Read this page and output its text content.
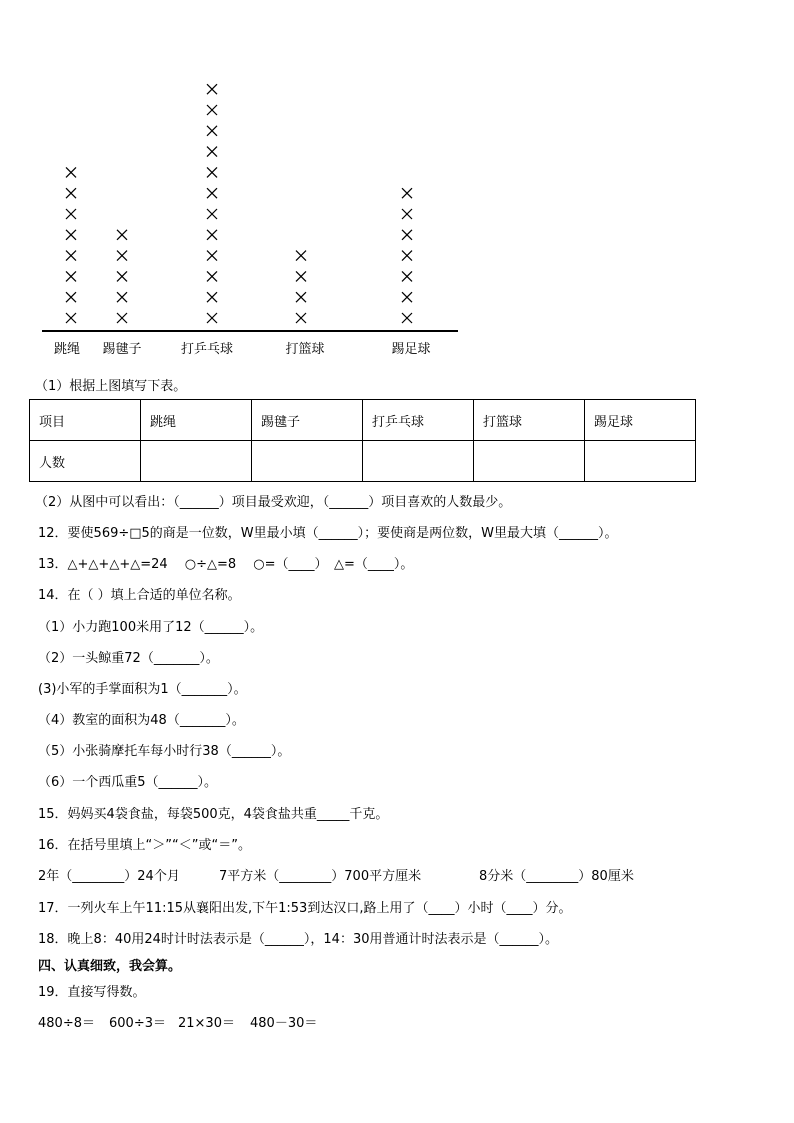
跳绳 踢毽子	打乒乓球	打篮球	踢足球
（1）根据上图填写下表。
项目	跳绳	踢毽子	打乒乓球	打篮球	踢足球
人数					
（2）从图中可以看出：（______）项目最受欢迎，（______）项目喜欢的人数最少。
12．要使569÷□5的商是一位数，W里最小填（______）；要使商是两位数，W里最大填（______）。
13．△+△+△+△=24　 ○÷△=8　 ○=（____）　△=（____）。
14．在（ ）填上合适的单位名称。
（1）小力跑100米用了12（______）。
（2）一头鲸重72（_______）。
(3)小军的手掌面积为1（_______）。
（4）教室的面积为48（_______）。
（5）小张骑摩托车每小时行38（______）。
（6）一个西瓜重5（______）。
15．妈妈买4袋食盐，每袋500克，4袋食盐共重_____千克。
16．在括号里填上“＞”“＜”或“＝”。
2年（________）24个月	7平方米（________）700平方厘米	8分米（________）80厘米
17．一列火车上午11:15从襄阳出发,下午1:53到达汉口,路上用了（____）小时（____）分。
18．晚上8：40用24时计时法表示是（______），14：30用普通计时法表示是（______）。
四、认真细致，我会算。
19．直接写得数。
480÷8＝ 600÷3＝ 21×30＝ 480－30＝
